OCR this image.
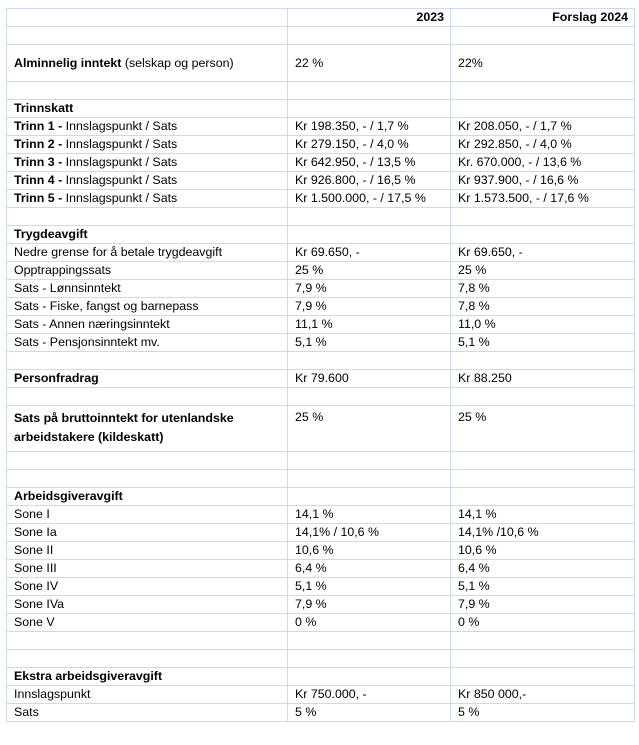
	2023	Forslag 2024

Alminnelig inntekt (selskap og person)	22 %	22%

Trinnskatt		
Trinn 1 - Innslagspunkt / Sats	Kr 198.350, - / 1,7 %	Kr 208.050, - / 1,7 %
Trinn 2 - Innslagspunkt / Sats	Kr 279.150, - / 4,0 %	Kr 292.850, - / 4,0 %
Trinn 3 - Innslagspunkt / Sats	Kr 642.950, - / 13,5 %	Kr. 670.000, - / 13,6 %
Trinn 4 - Innslagspunkt / Sats	Kr 926.800, - / 16,5 %	Kr 937.900, - / 16,6 %
Trinn 5 - Innslagspunkt / Sats	Kr 1.500.000, - / 17,5 %	Kr 1.573.500, - / 17,6 %

Trygdeavgift		
Nedre grense for å betale trygdeavgift	Kr 69.650, -	Kr 69.650, -
Opptrappingssats	25 %	25 %
Sats - Lønnsinntekt	7,9 %	7,8 %
Sats - Fiske, fangst og barnepass	7,9 %	7,8 %
Sats - Annen næringsinntekt	11,1 %	11,0 %
Sats - Pensjonsinntekt mv.	5,1 %	5,1 %

Personfradrag	Kr 79.600	Kr 88.250

Sats på bruttoinntekt for utenlandske arbeidstakere (kildeskatt)	25 %	25 %

Arbeidsgiveravgift		
Sone I	14,1 %	14,1 %
Sone Ia	14,1% / 10,6 %	14,1% /10,6 %
Sone II	10,6 %	10,6 %
Sone III	6,4 %	6,4 %
Sone IV	5,1 %	5,1 %
Sone IVa	7,9 %	7,9 %
Sone V	0 %	0 %

Ekstra arbeidsgiveravgift		
Innslagspunkt	Kr 750.000, -	Kr 850 000,-
Sats	5 %	5 %
